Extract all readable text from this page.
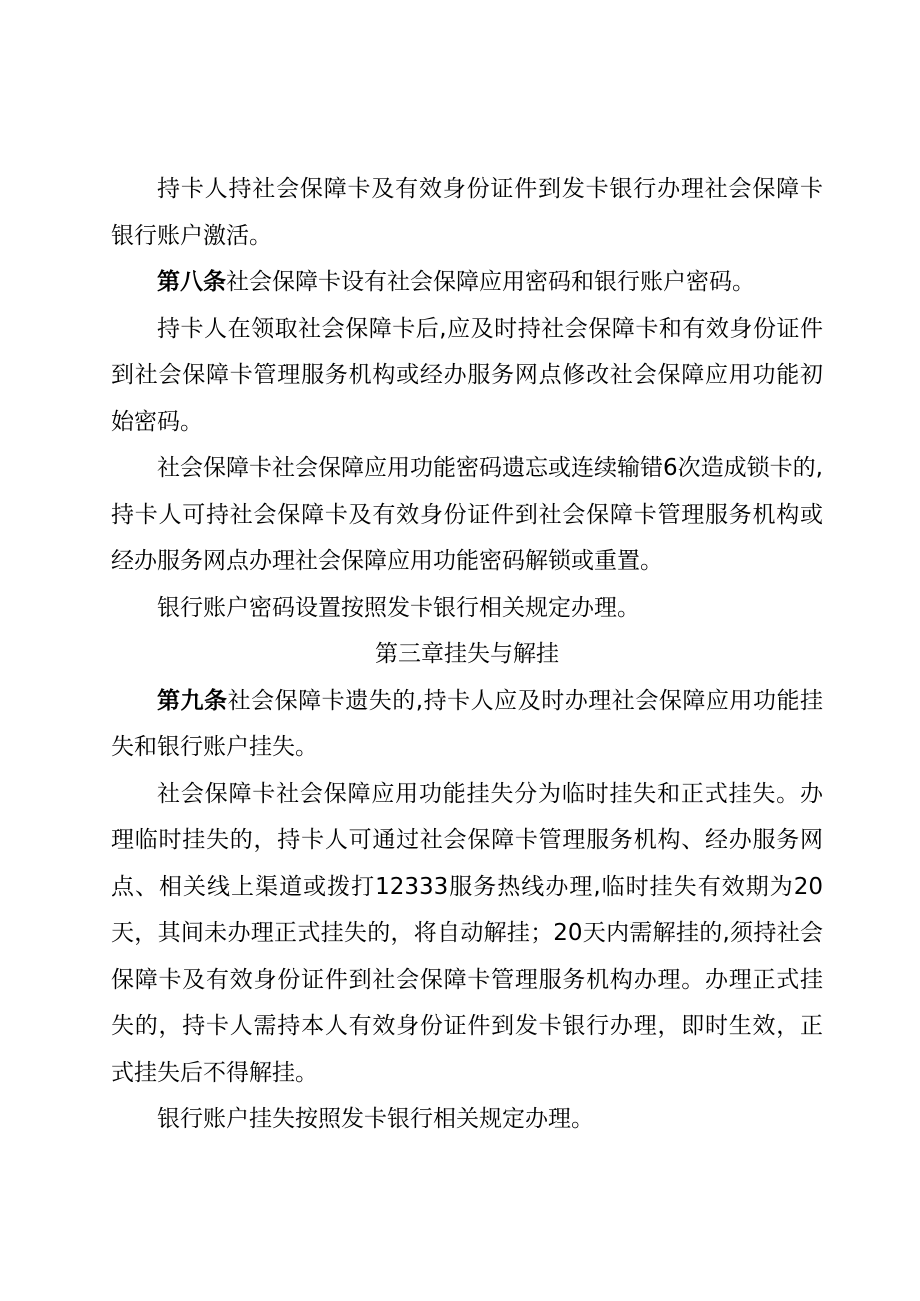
持卡人持社会保障卡及有效身份证件到发卡银行办理社会保障卡银行账户激活。

第八条社会保障卡设有社会保障应用密码和银行账户密码。

持卡人在领取社会保障卡后,应及时持社会保障卡和有效身份证件到社会保障卡管理服务机构或经办服务网点修改社会保障应用功能初始密码。

社会保障卡社会保障应用功能密码遗忘或连续输错6次造成锁卡的,持卡人可持社会保障卡及有效身份证件到社会保障卡管理服务机构或经办服务网点办理社会保障应用功能密码解锁或重置。

银行账户密码设置按照发卡银行相关规定办理。

第三章挂失与解挂

第九条社会保障卡遗失的,持卡人应及时办理社会保障应用功能挂失和银行账户挂失。

社会保障卡社会保障应用功能挂失分为临时挂失和正式挂失。办理临时挂失的，持卡人可通过社会保障卡管理服务机构、经办服务网点、相关线上渠道或拨打12333服务热线办理,临时挂失有效期为20天，其间未办理正式挂失的，将自动解挂；20天内需解挂的,须持社会保障卡及有效身份证件到社会保障卡管理服务机构办理。办理正式挂失的，持卡人需持本人有效身份证件到发卡银行办理，即时生效，正式挂失后不得解挂。

银行账户挂失按照发卡银行相关规定办理。
